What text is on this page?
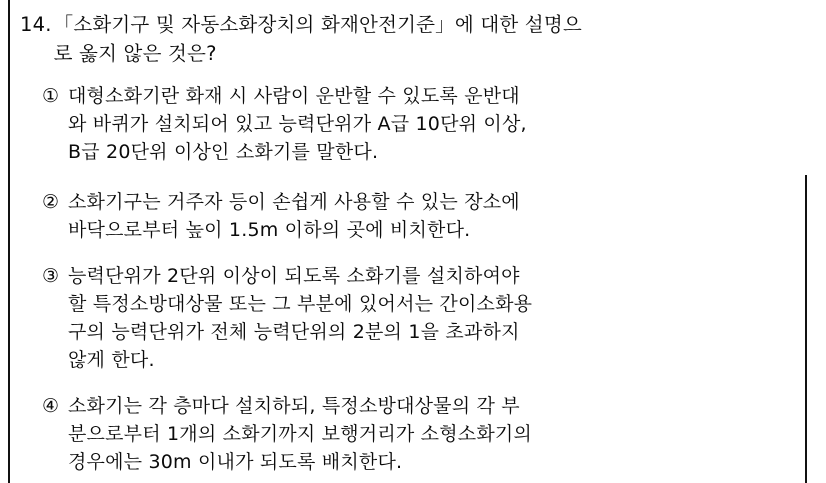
14. 「소화기구 및 자동소화장치의 화재안전기준」에 대한 설명으
로 옳지 않은 것은?
① 대형소화기란 화재 시 사람이 운반할 수 있도록 운반대
와 바퀴가 설치되어 있고 능력단위가 A급 10단위 이상,
B급 20단위 이상인 소화기를 말한다.
② 소화기구는 거주자 등이 손쉽게 사용할 수 있는 장소에
바닥으로부터 높이 1.5m 이하의 곳에 비치한다.
③ 능력단위가 2단위 이상이 되도록 소화기를 설치하여야
할 특정소방대상물 또는 그 부분에 있어서는 간이소화용
구의 능력단위가 전체 능력단위의 2분의 1을 초과하지
않게 한다.
④ 소화기는 각 층마다 설치하되, 특정소방대상물의 각 부
분으로부터 1개의 소화기까지 보행거리가 소형소화기의
경우에는 30m 이내가 되도록 배치한다.
